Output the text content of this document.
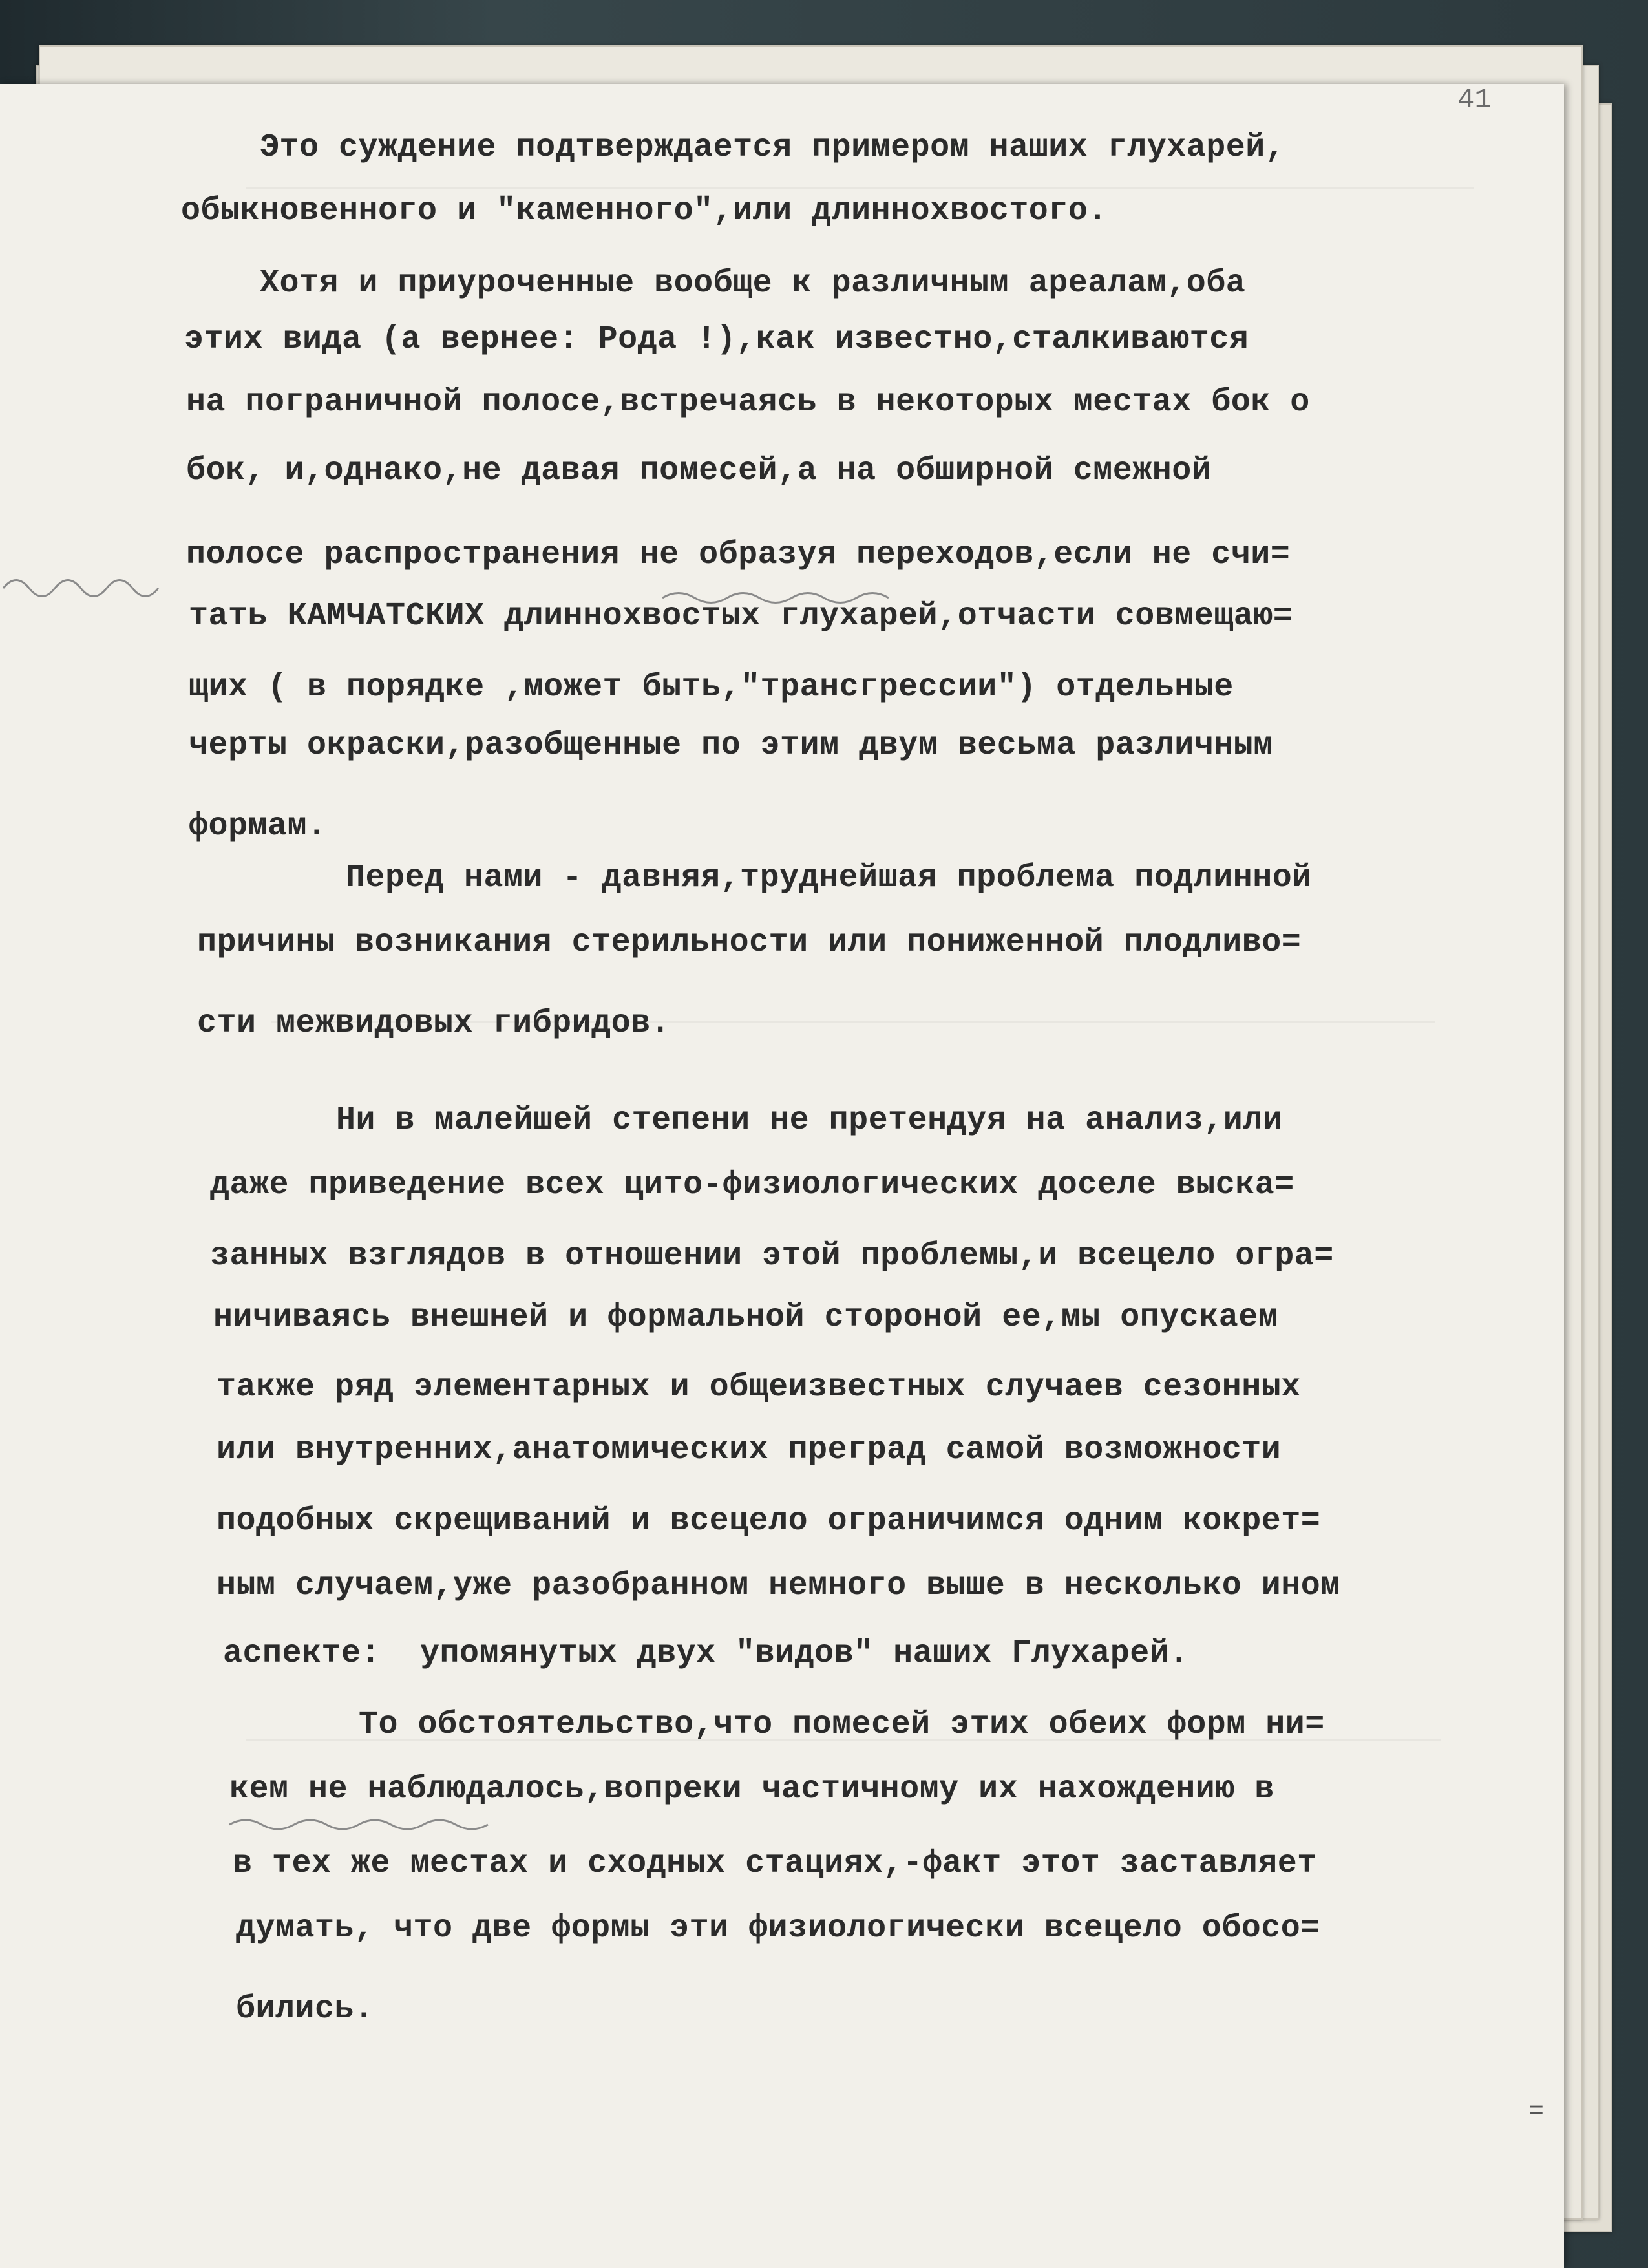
41
Это суждение подтверждается примером наших глухарей,
обыкновенного и "каменного",или длиннохвостого.
Хотя и приуроченные вообще к различным ареалам,оба
этих вида (а вернее: Рода !),как известно,сталкиваются
на пограничной полосе,встречаясь в некоторых местах бок о
бок, и,однако,не давая помесей,а на обширной смежной
полосе распространения не образуя переходов,если не счи=
тать КАМЧАТСКИХ длиннохвостых глухарей,отчасти совмещаю=
щих ( в порядке ,может быть,"трансгрессии") отдельные
черты окраски,разобщенные по этим двум весьма различным
формам.
Перед нами - давняя,труднейшая проблема подлинной
причины возникания стерильности или пониженной плодливо=
сти межвидовых гибридов.
Ни в малейшей степени не претендуя на анализ,или
даже приведение всех цито-физиологических доселе выска=
занных взглядов в отношении этой проблемы,и всецело огра=
ничиваясь внешней и формальной стороной ее,мы опускаем
также ряд элементарных и общеизвестных случаев сезонных
или внутренних,анатомических преград самой возможности
подобных скрещиваний и всецело ограничимся одним кокрет=
ным случаем,уже разобранном немного выше в несколько ином
аспекте:  упомянутых двух "видов" наших Глухарей.
То обстоятельство,что помесей этих обеих форм ни=
кем не наблюдалось,вопреки частичному их нахождению в
в тех же местах и сходных стациях,-факт этот заставляет
думать, что две формы эти физиологически всецело обосо=
бились.
=
